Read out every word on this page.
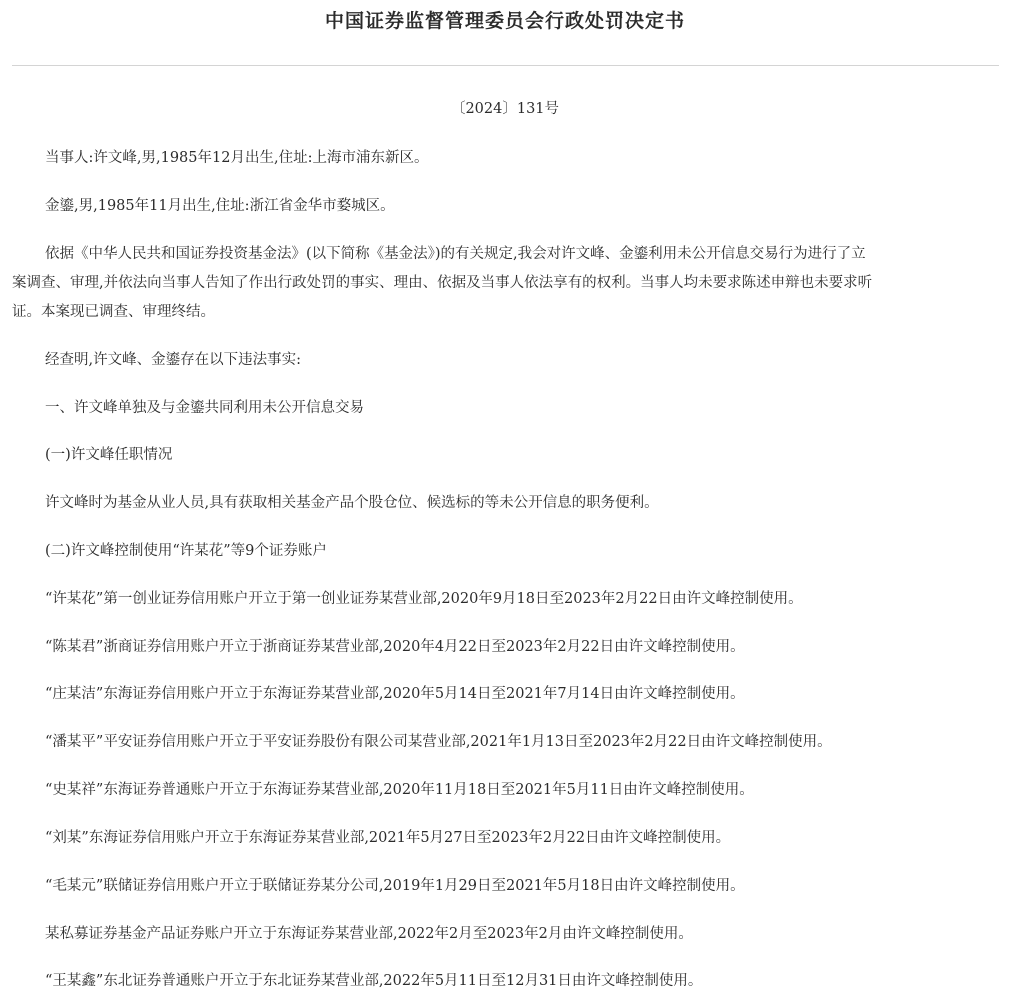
中国证券监督管理委员会行政处罚决定书
〔2024〕131号

当事人:许文峰,男,1985年12月出生,住址:上海市浦东新区。

金鎏,男,1985年11月出生,住址:浙江省金华市婺城区。

依据《中华人民共和国证券投资基金法》(以下简称《基金法》)的有关规定,我会对许文峰、金鎏利用未公开信息交易行为进行了立
案调查、审理,并依法向当事人告知了作出行政处罚的事实、理由、依据及当事人依法享有的权利。当事人均未要求陈述申辩也未要求听
证。本案现已调查、审理终结。

经查明,许文峰、金鎏存在以下违法事实:

一、许文峰单独及与金鎏共同利用未公开信息交易

(一)许文峰任职情况

许文峰时为基金从业人员,具有获取相关基金产品个股仓位、候选标的等未公开信息的职务便利。

(二)许文峰控制使用“许某花”等9个证券账户

“许某花”第一创业证券信用账户开立于第一创业证券某营业部,2020年9月18日至2023年2月22日由许文峰控制使用。

“陈某君”浙商证券信用账户开立于浙商证券某营业部,2020年4月22日至2023年2月22日由许文峰控制使用。

“庄某洁”东海证券信用账户开立于东海证券某营业部,2020年5月14日至2021年7月14日由许文峰控制使用。

“潘某平”平安证券信用账户开立于平安证券股份有限公司某营业部,2021年1月13日至2023年2月22日由许文峰控制使用。

“史某祥”东海证券普通账户开立于东海证券某营业部,2020年11月18日至2021年5月11日由许文峰控制使用。

“刘某”东海证券信用账户开立于东海证券某营业部,2021年5月27日至2023年2月22日由许文峰控制使用。

“毛某元”联储证券信用账户开立于联储证券某分公司,2019年1月29日至2021年5月18日由许文峰控制使用。

某私募证券基金产品证券账户开立于东海证券某营业部,2022年2月至2023年2月由许文峰控制使用。

“王某鑫”东北证券普通账户开立于东北证券某营业部,2022年5月11日至12月31日由许文峰控制使用。
